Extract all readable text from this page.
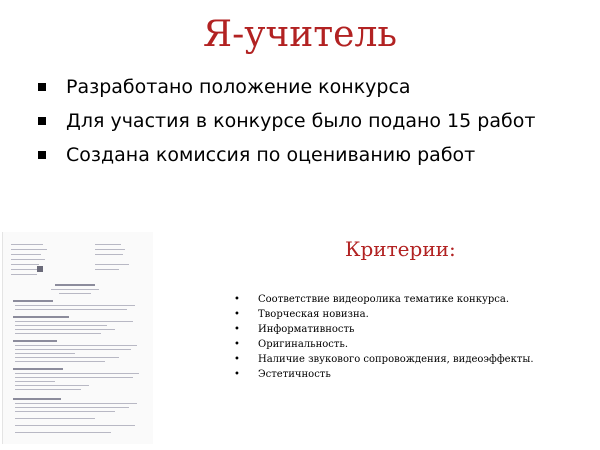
Я-учитель
Разработано положение конкурса
Для участия в конкурсе было подано 15 работ
Создана комиссия по оцениванию работ
Критерии:
• Соответствие видеоролика тематике конкурса.
• Творческая новизна.
• Информативность
• Оригинальность.
• Наличие звукового сопровождения, видеоэффекты.
• Эстетичность
